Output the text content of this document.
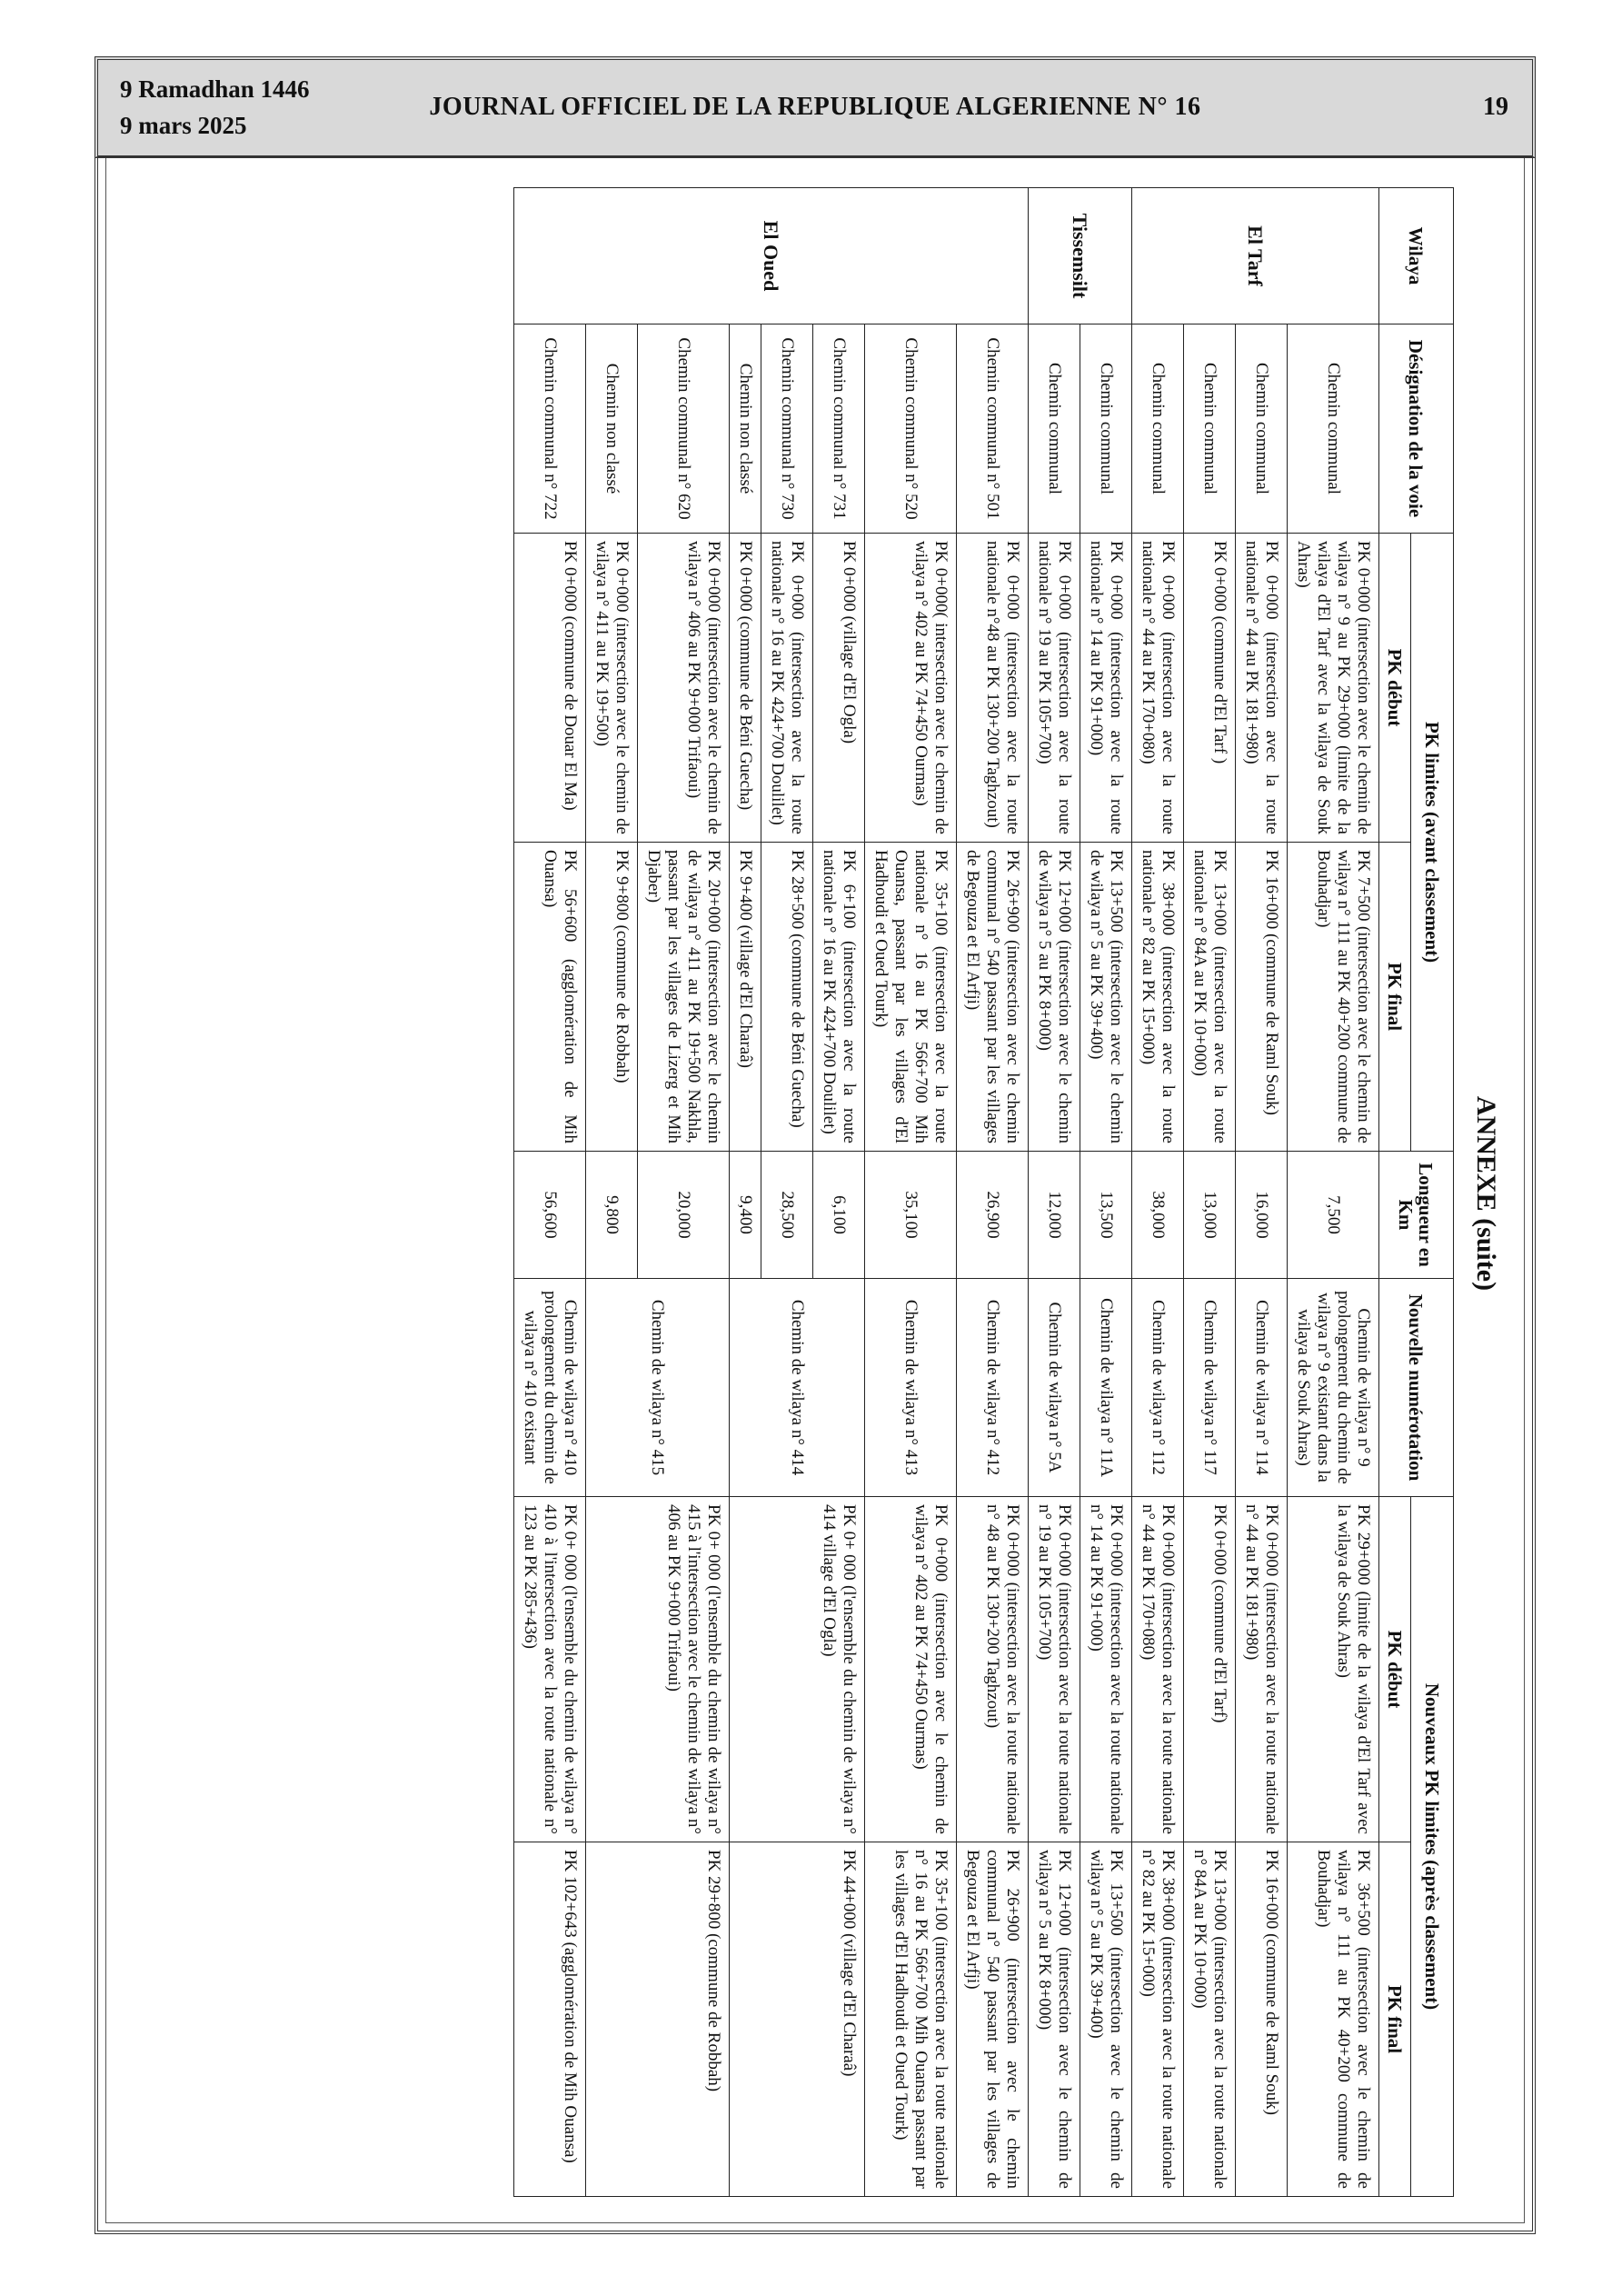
9 Ramadhan 1446
9 mars 2025
JOURNAL OFFICIEL DE LA REPUBLIQUE ALGERIENNE N° 16	19
ANNEXE (suite)
Wilaya	Désignation de la voie	PK limites (avant classement)		Longueur en Km	Nouvelle numérotation	Nouveaux PK limites (après classement)	
		PK début	PK final			PK début	PK final
El Tarf	Chemin communal	PK 0+000 (intersection avec le chemin de wilaya n° 9 au PK 29+000 (limite de la wilaya d'El Tarf avec la wilaya de Souk Ahras)	PK 7+500 (intersection avec le chemin de wilaya n° 111 au PK 40+200 commune de Bouhadjar)	7,500	Chemin de wilaya n° 9 prolongement du chemin de wilaya n° 9 existant dans la wilaya de Souk Ahras)	PK 29+000 (limite de la wilaya d'El Tarf avec la wilaya de Souk Ahras)	PK 36+500 (intersection avec le chemin de wilaya n° 111 au PK 40+200 commune de Bouhadjar)
	Chemin communal	PK 0+000 (intersection avec la route nationale n° 44 au PK 181+980)	PK 16+000 (commune de Raml Souk)	16,000	Chemin de wilaya n° 114	PK 0+000 (intersection avec la route nationale n° 44 au PK 181+980)	PK 16+000 (commune de Raml Souk)
	Chemin communal	PK 0+000 (commune d'El Tarf )	PK 13+000 (intersection avec la route nationale n° 84A au PK 10+000)	13,000	Chemin de wilaya n° 117	PK 0+000 (commune d'El Tarf)	PK 13+000 (intersection avec la route nationale n° 84A au PK 10+000)
	Chemin communal	PK 0+000 (intersection avec la route nationale n° 44 au PK 170+080)	PK 38+000 (intersection avec la route nationale n° 82 au PK 15+000)	38,000	Chemin de wilaya n° 112	PK 0+000 (intersection avec la route nationale n° 44 au PK 170+080)	PK 38+000 (intersection avec la route nationale n° 82 au PK 15+000)
Tissemsilt	Chemin communal	PK 0+000 (intersection avec la route nationale n° 14 au PK 91+000)	PK 13+500 (intersection avec le chemin de wilaya n° 5 au PK 39+400)	13,500	Chemin de wilaya n° 11A	PK 0+000 (intersection avec la route nationale n° 14 au PK 91+000)	PK 13+500 (intersection avec le chemin de wilaya n° 5 au PK 39+400)
	Chemin communal	PK 0+000 (intersection avec la route nationale n° 19 au PK 105+700)	PK 12+000 (intersection avec le chemin de wilaya n° 5 au PK 8+000)	12,000	Chemin de wilaya n° 5A	PK 0+000 (intersection avec la route nationale n° 19 au PK 105+700)	PK 12+000 (intersection avec le chemin de wilaya n° 5 au PK 8+000)
El Oued	Chemin communal n° 501	PK 0+000 (intersection avec la route nationale n°48 au PK 130+200 Taghzout)	PK 26+900 (intersection avec le chemin communal n° 540 passant par les villages de Begouza et El Arfji)	26,900	Chemin de wilaya n° 412	PK 0+000 (intersection avec la route nationale n° 48 au PK 130+200 Taghzout)	PK 26+900 (intersection avec le chemin communal n° 540 passant par les villages de Begouza et El Arfji)
	Chemin communal n° 520	PK 0+000( intersection avec le chemin de wilaya n° 402 au PK 74+450 Ourmas)	PK 35+100 (intersection avec la route nationale n° 16 au PK 566+700 Mih Ouansa, passant par les villages d'El Hadhoudi et Oued Tourk)	35,100	Chemin de wilaya n° 413	PK 0+000 (intersection avec le chemin de wilaya n° 402 au PK 74+450 Ourmas)	PK 35+100 (intersection avec la route nationale n° 16 au PK 566+700 Mih Ouansa passant par les villages d'El Hadhoudi et Oued Tourk)
	Chemin communal n° 731	PK 0+000 (village d'El Ogla)	PK 6+100 (intersection avec la route nationale n° 16 au PK 424+700 Doulilet)	6,100	Chemin de wilaya n° 414	PK 0+ 000 (l'ensemble du chemin de wilaya n° 414 village d'El Ogla)	PK 44+000 (village d'El Charaâ)
	Chemin communal n° 730	PK 0+000 (intersection avec la route nationale n° 16 au PK 424+700 Doulilet)	PK 28+500 (commune de Béni Guecha)	28,500			
	Chemin non classé	PK 0+000 (commune de Béni Guecha)	PK 9+400 (village d'El Charaâ)	9,400			
	Chemin communal n° 620	PK 0+000 (intersection avec le chemin de wilaya n° 406 au PK 9+000 Trifaoui)	PK 20+000 (intersection avec le chemin de wilaya n° 411 au PK 19+500 Nakhla, passant par les villages de Lizerg et Mih Djaber)	20,000	Chemin de wilaya n° 415	PK 0+ 000 (l'ensemble du chemin de wilaya n° 415 à l'intersection avec le chemin de wilaya n° 406 au PK 9+000 Trifaoui)	PK 29+800 (commune de Robbah)
	Chemin non classé	PK 0+000 (intersection avec le chemin de wilaya n° 411 au PK 19+500)	PK 9+800 (commune de Robbah)	9,800			
	Chemin communal n° 722	PK 0+000 (commune de Douar El Ma)	PK 56+600 (agglomération de Mih Ouansa)	56,600	Chemin de wilaya n° 410 prolongement du chemin de wilaya n° 410 existant	PK 0+ 000 (l'ensemble du chemin de wilaya n° 410 à l'intersection avec la route nationale n° 123 au PK 285+436)	PK 102+643 (agglomération de Mih Ouansa)
